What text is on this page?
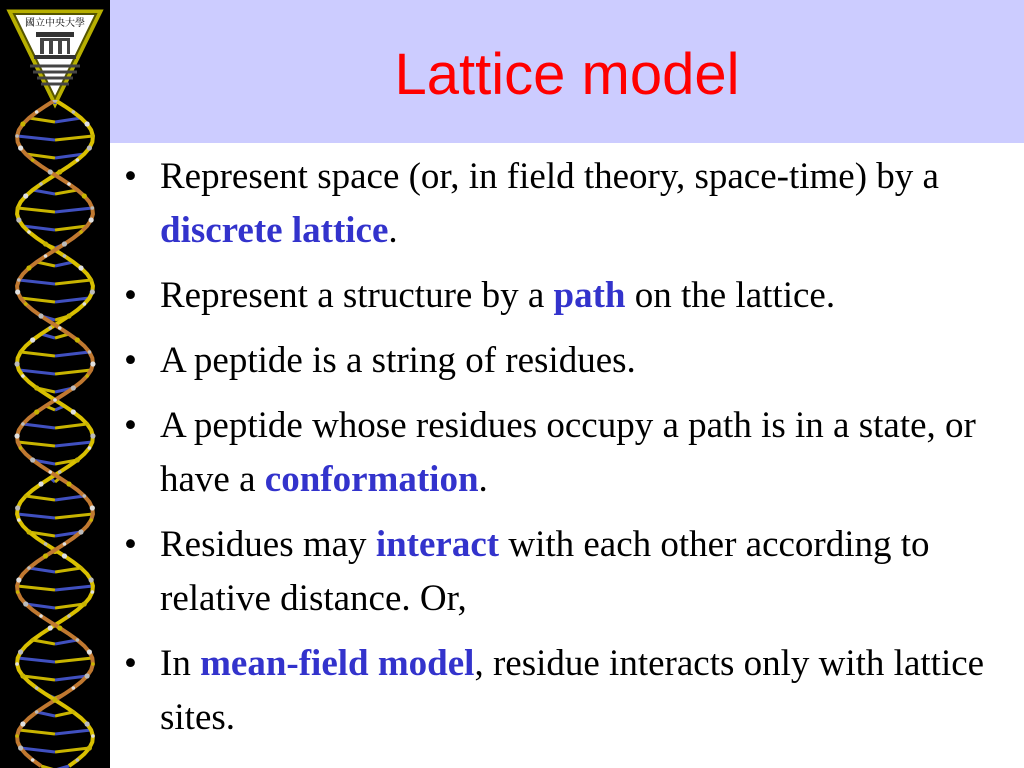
國立中央大學
Lattice model
• Represent space (or, in field theory, space-time) by a discrete lattice.
• Represent a structure by a path on the lattice.
• A peptide is a string of residues.
• A peptide whose residues occupy a path is in a state, or have a conformation.
• Residues may interact with each other according to relative distance. Or,
• In mean-field model, residue interacts only with lattice sites.
